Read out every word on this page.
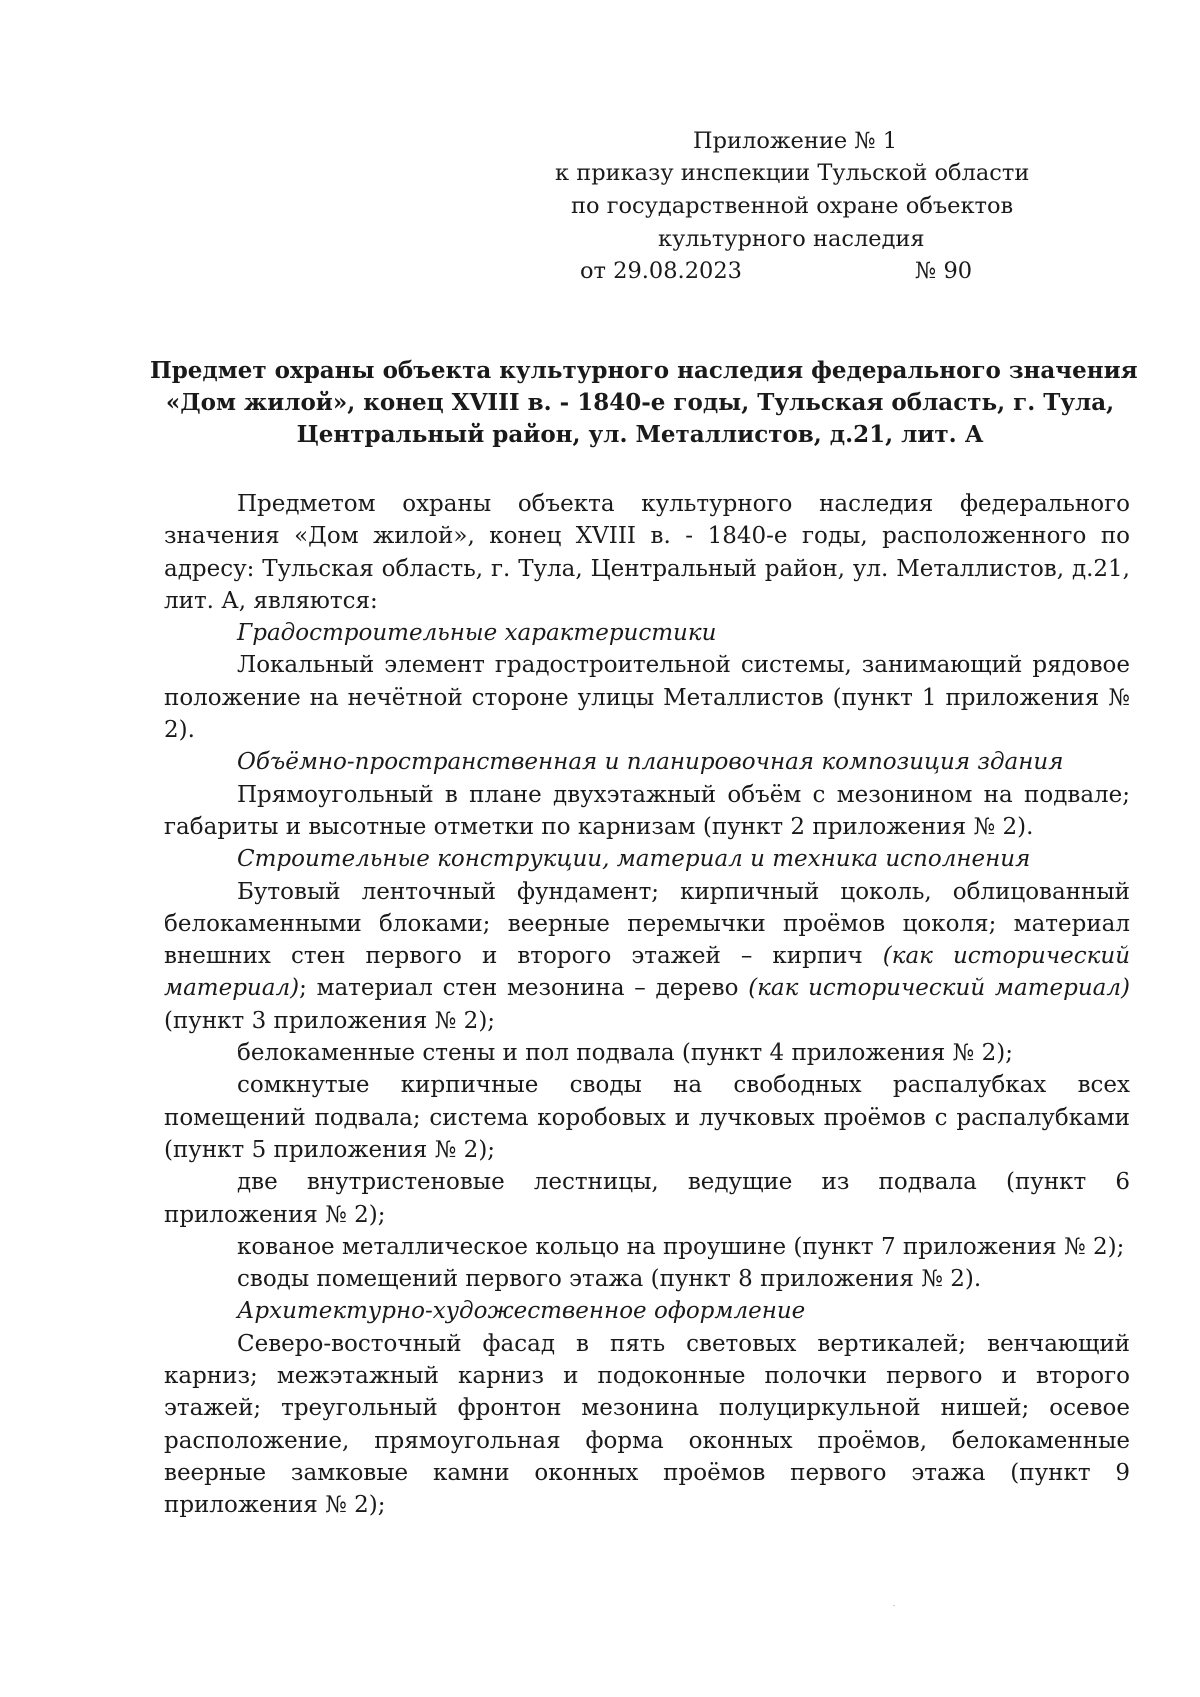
Приложение № 1
к приказу инспекции Тульской области
по государственной охране объектов
культурного наследия
от 29.08.2023	№ 90
Предмет охраны объекта культурного наследия федерального значения
«Дом жилой», конец XVIII в. - 1840-е годы, Тульская область, г. Тула,
Центральный район, ул. Металлистов, д.21, лит. А

Предметом охраны объекта культурного наследия федерального значения «Дом жилой», конец XVIII в. - 1840-е годы, расположенного по адресу: Тульская область, г. Тула, Центральный район, ул. Металлистов, д.21, лит. А, являются:

Градостроительные характеристики

Локальный элемент градостроительной системы, занимающий рядовое положение на нечётной стороне улицы Металлистов (пункт 1 приложения № 2).

Объёмно-пространственная и планировочная композиция здания

Прямоугольный в плане двухэтажный объём с мезонином на подвале; габариты и высотные отметки по карнизам (пункт 2 приложения № 2).

Строительные конструкции, материал и техника исполнения

Бутовый ленточный фундамент; кирпичный цоколь, облицованный белокаменными блоками; веерные перемычки проёмов цоколя; материал внешних стен первого и второго этажей – кирпич (как исторический материал); материал стен мезонина – дерево (как исторический материал) (пункт 3 приложения № 2);

белокаменные стены и пол подвала (пункт 4 приложения № 2);

сомкнутые кирпичные своды на свободных распалубках всех помещений подвала; система коробовых и лучковых проёмов с распалубками (пункт 5 приложения № 2);

две внутристеновые лестницы, ведущие из подвала (пункт 6 приложения № 2);

кованое металлическое кольцо на проушине (пункт 7 приложения № 2);

своды помещений первого этажа (пункт 8 приложения № 2).

Архитектурно-художественное оформление

Северо-восточный фасад в пять световых вертикалей; венчающий карниз; межэтажный карниз и подоконные полочки первого и второго этажей; треугольный фронтон мезонина полуциркульной нишей; осевое расположение, прямоугольная форма оконных проёмов, белокаменные веерные замковые камни оконных проёмов первого этажа (пункт 9 приложения № 2);
